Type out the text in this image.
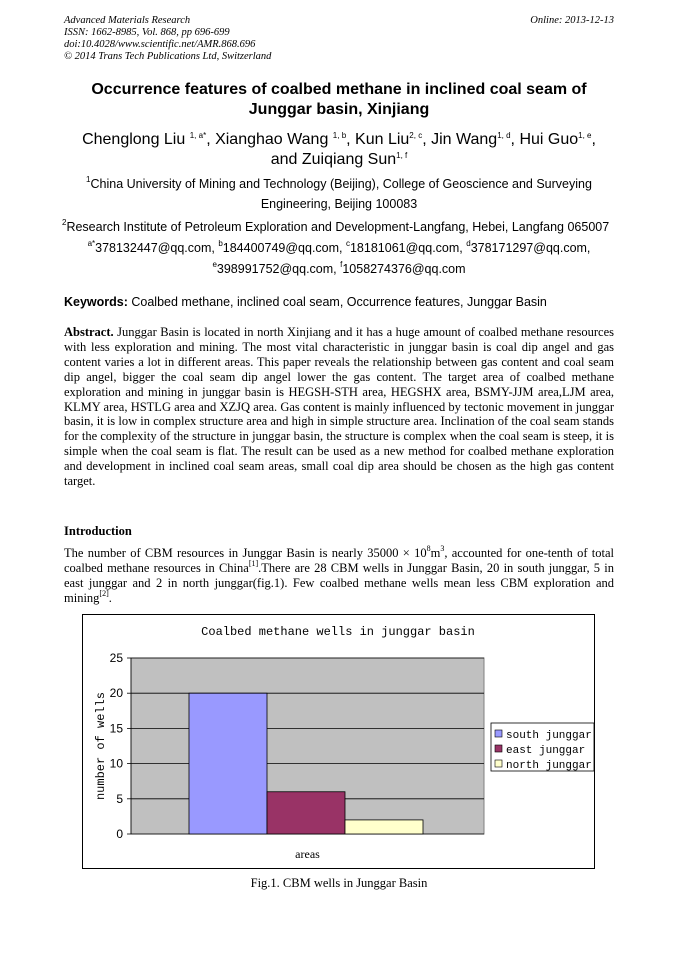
Advanced Materials Research
ISSN: 1662-8985, Vol. 868, pp 696-699
doi:10.4028/www.scientific.net/AMR.868.696
© 2014 Trans Tech Publications Ltd, Switzerland
Online: 2013-12-13
Occurrence features of coalbed methane in inclined coal seam of
Junggar basin, Xinjiang
Chenglong Liu $^{1, a*}$, Xianghao Wang $^{1, b}$, Kun Liu$^{2, c}$, Jin Wang$^{1, d}$, Hui Guo$^{1, e}$,
and Zuiqiang Sun$^{1, f}$
$^1$China University of Mining and Technology (Beijing), College of Geoscience and Surveying
Engineering, Beijing 100083
$^2$Research Institute of Petroleum Exploration and Development-Langfang, Hebei, Langfang 065007
$^{a*}$378132447@qq.com, $^b$184400749@qq.com, $^c$18181061@qq.com, $^d$378171297@qq.com,
$^e$398991752@qq.com, $^f$1058274376@qq.com
Keywords: Coalbed methane, inclined coal seam, Occurrence features, Junggar Basin
Abstract. Junggar Basin is located in north Xinjiang and it has a huge amount of coalbed methane resources with less exploration and mining. The most vital characteristic in junggar basin is coal dip angel and gas content varies a lot in different areas. This paper reveals the relationship between gas content and coal seam dip angel, bigger the coal seam dip angel lower the gas content. The target area of coalbed methane exploration and mining in junggar basin is HEGSH-STH area, HEGSHX area, BSMY-JJM area,LJM area, KLMY area, HSTLG area and XZJQ area. Gas content is mainly influenced by tectonic movement in junggar basin, it is low in complex structure area and high in simple structure area. Inclination of the coal seam stands for the complexity of the structure in junggar basin, the structure is complex when the coal seam is steep, it is simple when the coal seam is flat. The result can be used as a new method for coalbed methane exploration and development in inclined coal seam areas, small coal dip area should be chosen as the high gas content target.
Introduction
The number of CBM resources in Junggar Basin is nearly $35000 \times 10^8m^3$, accounted for one-tenth of total coalbed methane resources in China[1].There are 28 CBM wells in Junggar Basin, 20 in south junggar, 5 in east junggar and 2 in north junggar(fig.1). Few coalbed methane wells mean less CBM exploration and mining[2].
Coalbed methane wells in junggar basin
0
5
10
15
20
25
areas
number of wells	south junggar
east junggar
north junggar
Fig.1. CBM wells in Junggar Basin
